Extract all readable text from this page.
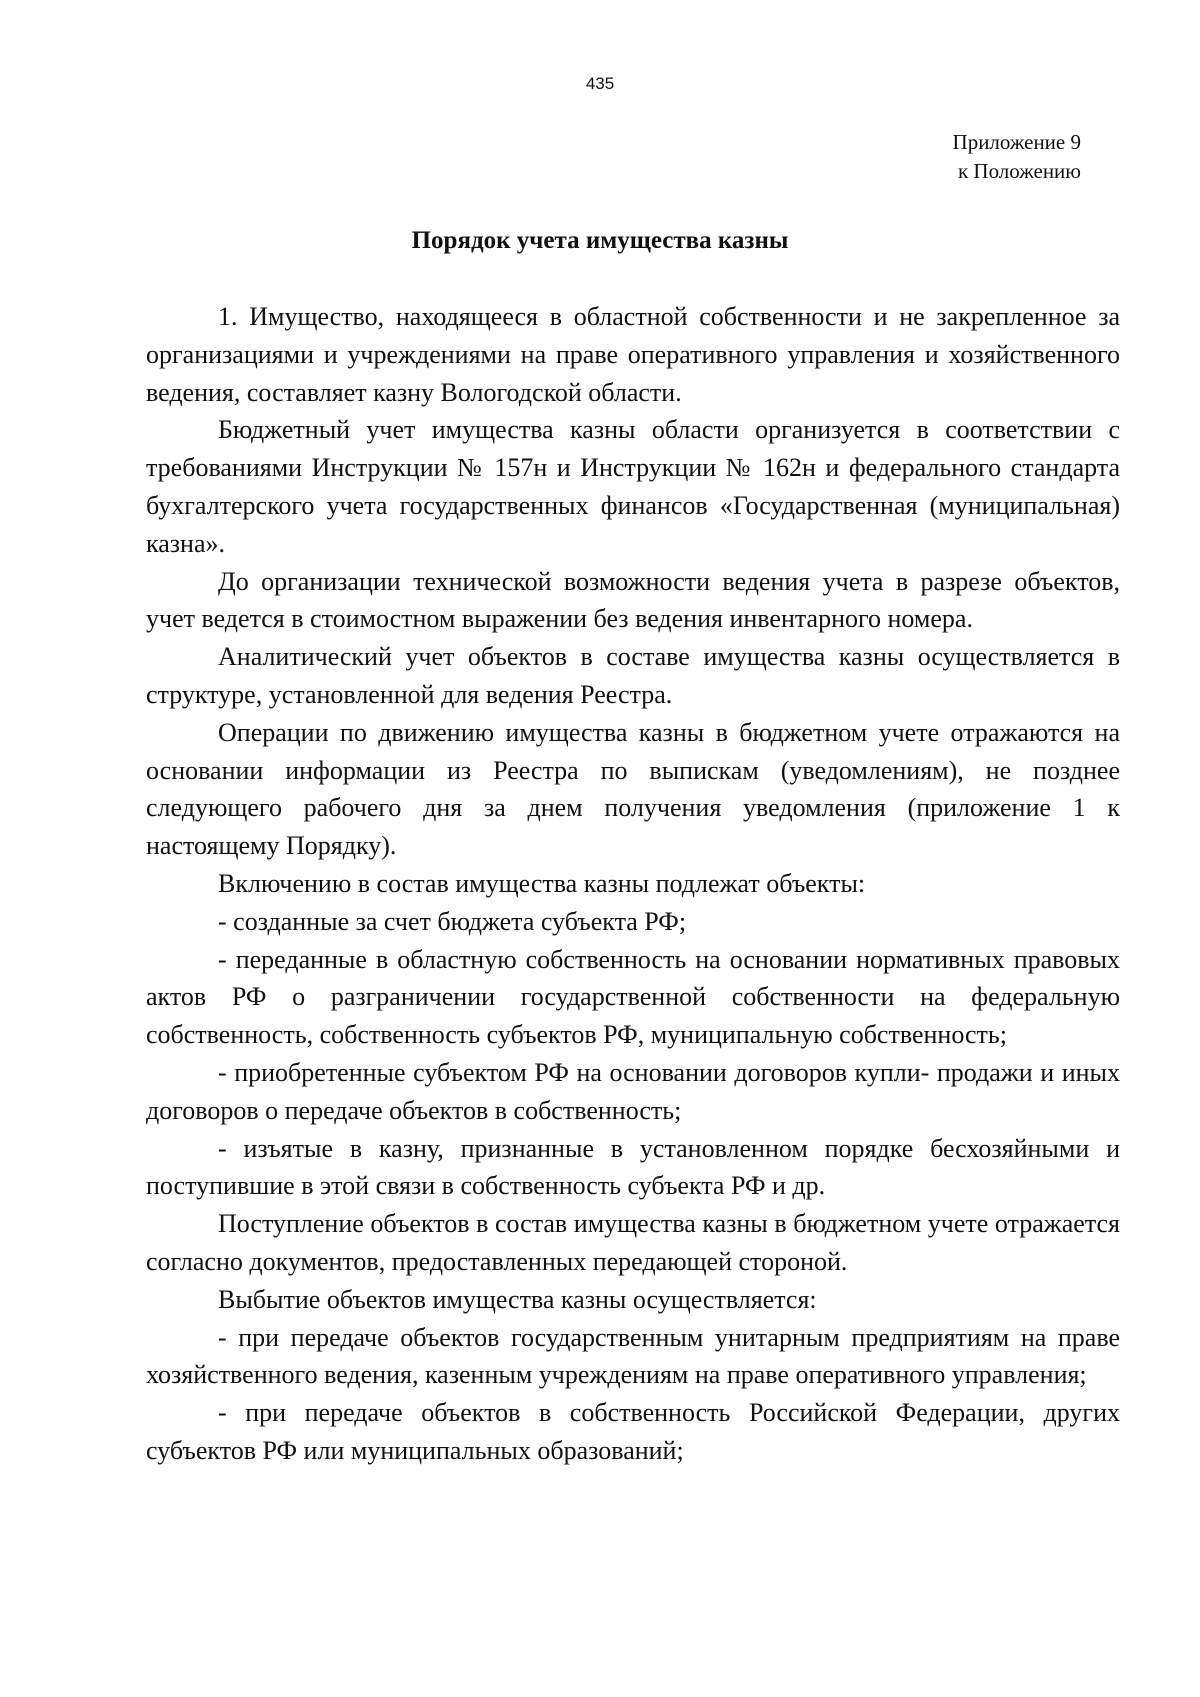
435
Приложение 9
к Положению
Порядок учета имущества казны

1. Имущество, находящееся в областной собственности и не закрепленное за организациями и учреждениями на праве оперативного управления и хозяйственного ведения, составляет казну Вологодской области.

Бюджетный учет имущества казны области организуется в соответствии с требованиями Инструкции № 157н и Инструкции № 162н и федерального стандарта бухгалтерского учета государственных финансов «Государственная (муниципальная) казна».

До организации технической возможности ведения учета в разрезе объектов, учет ведется в стоимостном выражении без ведения инвентарного номера.

Аналитический учет объектов в составе имущества казны осуществляется в структуре, установленной для ведения Реестра.

Операции по движению имущества казны в бюджетном учете отражаются на основании информации из Реестра по выпискам (уведомлениям), не позднее следующего рабочего дня за днем получения уведомления (приложение 1 к настоящему Порядку).

Включению в состав имущества казны подлежат объекты:

- созданные за счет бюджета субъекта РФ;

- переданные в областную собственность на основании нормативных правовых актов РФ о разграничении государственной собственности на федеральную собственность, собственность субъектов РФ, муниципальную собственность;

- приобретенные субъектом РФ на основании договоров купли- продажи и иных договоров о передаче объектов в собственность;

- изъятые в казну, признанные в установленном порядке бесхозяйными и поступившие в этой связи в собственность субъекта РФ и др.

Поступление объектов в состав имущества казны в бюджетном учете отражается согласно документов, предоставленных передающей стороной.

Выбытие объектов имущества казны осуществляется:

- при передаче объектов государственным унитарным предприятиям на праве хозяйственного ведения, казенным учреждениям на праве оперативного управления;

- при передаче объектов в собственность Российской Федерации, других субъектов РФ или муниципальных образований;
